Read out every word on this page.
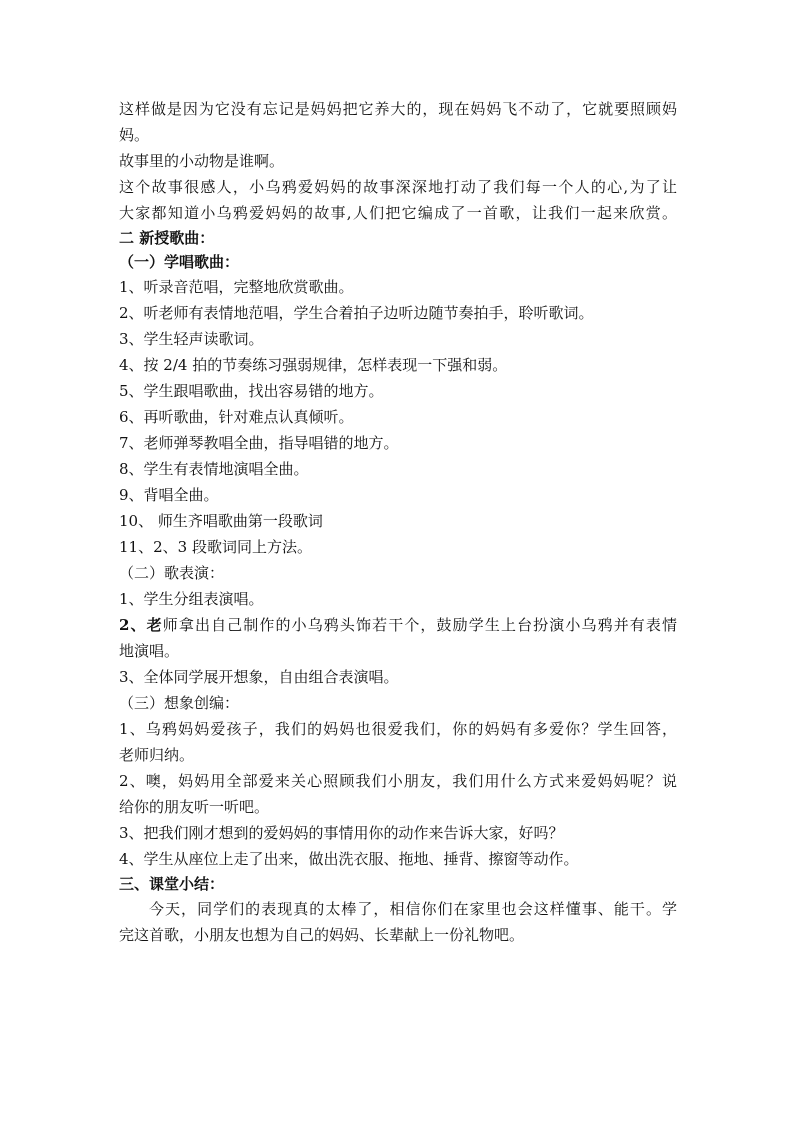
这样做是因为它没有忘记是妈妈把它养大的，现在妈妈飞不动了，它就要照顾妈
妈。
故事里的小动物是谁啊。
这个故事很感人，小乌鸦爱妈妈的故事深深地打动了我们每一个人的心,为了让
大家都知道小乌鸦爱妈妈的故事,人们把它编成了一首歌，让我们一起来欣赏。
二 新授歌曲：
（一）学唱歌曲：
1、听录音范唱，完整地欣赏歌曲。
2、听老师有表情地范唱，学生合着拍子边听边随节奏拍手，聆听歌词。
3、学生轻声读歌词。
4、按 2/4 拍的节奏练习强弱规律，怎样表现一下强和弱。
5、学生跟唱歌曲，找出容易错的地方。
6、再听歌曲，针对难点认真倾听。
7、老师弹琴教唱全曲，指导唱错的地方。
8、学生有表情地演唱全曲。
9、背唱全曲。
10、 师生齐唱歌曲第一段歌词
11、2、3 段歌词同上方法。
（二）歌表演：
1、学生分组表演唱。
2、老师拿出自己制作的小乌鸦头饰若干个，鼓励学生上台扮演小乌鸦并有表情
地演唱。
3、全体同学展开想象，自由组合表演唱。
（三）想象创编：
1、乌鸦妈妈爱孩子，我们的妈妈也很爱我们，你的妈妈有多爱你？学生回答，
老师归纳。
2、噢，妈妈用全部爱来关心照顾我们小朋友，我们用什么方式来爱妈妈呢？说
给你的朋友听一听吧。
3、把我们刚才想到的爱妈妈的事情用你的动作来告诉大家，好吗？
4、学生从座位上走了出来，做出洗衣服、拖地、捶背、擦窗等动作。
三、课堂小结：
今天，同学们的表现真的太棒了，相信你们在家里也会这样懂事、能干。学
完这首歌，小朋友也想为自己的妈妈、长辈献上一份礼物吧。
